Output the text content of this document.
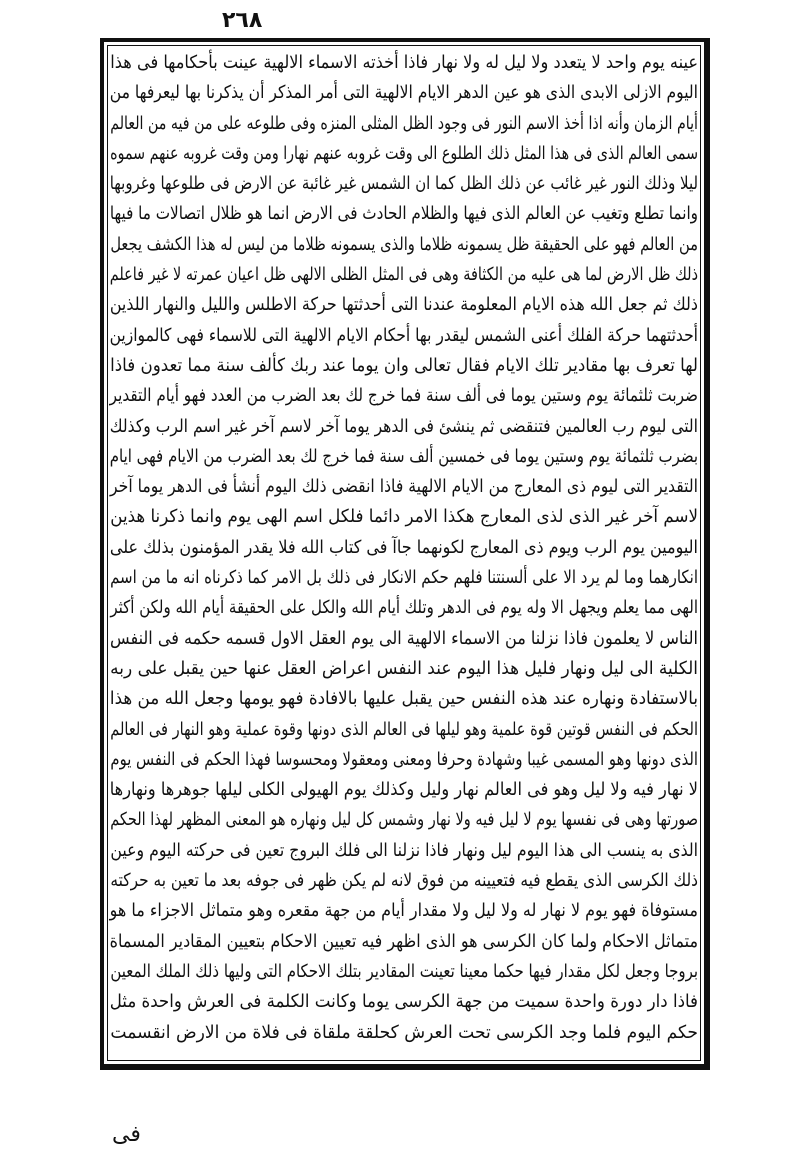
٢٦٨
عينه يوم واحد لا يتعدد ولا ليل له ولا نهار فاذا أخذته الاسماء الالهية عينت بأحكامها فى هذا
اليوم الازلى الابدى الذى هو عين الدهر الايام الالهية التى أمر المذكر أن يذكرنا بها ليعرفها من
أيام الزمان وأنه اذا أخذ الاسم النور فى وجود الظل المثلى المنزه وفى طلوعه على من فيه من العالم
سمى العالم الذى فى هذا المثل ذلك الطلوع الى وقت غروبه عنهم نهارا ومن وقت غروبه عنهم سموه
ليلا وذلك النور غير غائب عن ذلك الظل كما ان الشمس غير غائبة عن الارض فى طلوعها وغروبها
وانما تطلع وتغيب عن العالم الذى فيها والظلام الحادث فى الارض انما هو ظلال اتصالات ما فيها
من العالم فهو على الحقيقة ظل يسمونه ظلاما والذى يسمونه ظلاما من ليس له هذا الكشف يجعل
ذلك ظل الارض لما هى عليه من الكثافة وهى فى المثل الظلى الالهى ظل اعيان عمرته لا غير فاعلم
ذلك ثم جعل الله هذه الايام المعلومة عندنا التى أحدثتها حركة الاطلس والليل والنهار اللذين
أحدثتهما حركة الفلك أعنى الشمس ليقدر بها أحكام الايام الالهية التى للاسماء فهى كالموازين
لها تعرف بها مقادير تلك الايام فقال تعالى وان يوما عند ربك كألف سنة مما تعدون فاذا
ضربت ثلثمائة يوم وستين يوما فى ألف سنة فما خرج لك بعد الضرب من العدد فهو أيام التقدير
التى ليوم رب العالمين فتنقضى ثم ينشئ فى الدهر يوما آخر لاسم آخر غير اسم الرب وكذلك
بضرب ثلثمائة يوم وستين يوما فى خمسين ألف سنة فما خرج لك بعد الضرب من الايام فهى ايام
التقدير التى ليوم ذى المعارج من الايام الالهية فاذا انقضى ذلك اليوم أنشأ فى الدهر يوما آخر
لاسم آخر غير الذى لذى المعارج هكذا الامر دائما فلكل اسم الهى يوم وانما ذكرنا هذين
اليومين يوم الرب ويوم ذى المعارج لكونهما جاآ فى كتاب الله فلا يقدر المؤمنون بذلك على
انكارهما وما لم يرد الا على ألسنتنا فلهم حكم الانكار فى ذلك بل الامر كما ذكرناه انه ما من اسم
الهى مما يعلم ويجهل الا وله يوم فى الدهر وتلك أيام الله والكل على الحقيقة أيام الله ولكن أكثر
الناس لا يعلمون فاذا نزلنا من الاسماء الالهية الى يوم العقل الاول قسمه حكمه فى النفس
الكلية الى ليل ونهار فليل هذا اليوم عند النفس اعراض العقل عنها حين يقبل على ربه
بالاستفادة ونهاره عند هذه النفس حين يقبل عليها بالافادة فهو يومها وجعل الله من هذا
الحكم فى النفس قوتين قوة علمية وهو ليلها فى العالم الذى دونها وقوة عملية وهو النهار فى العالم
الذى دونها وهو المسمى غيبا وشهادة وحرفا ومعنى ومعقولا ومحسوسا فهذا الحكم فى النفس يوم
لا نهار فيه ولا ليل وهو فى العالم نهار وليل وكذلك يوم الهيولى الكلى ليلها جوهرها ونهارها
صورتها وهى فى نفسها يوم لا ليل فيه ولا نهار وشمس كل ليل ونهاره هو المعنى المظهر لهذا الحكم
الذى به ينسب الى هذا اليوم ليل ونهار فاذا نزلنا الى فلك البروج تعين فى حركته اليوم وعين
ذلك الكرسى الذى يقطع فيه فتعيينه من فوق لانه لم يكن ظهر فى جوفه بعد ما تعين به حركته
مستوفاة فهو يوم لا نهار له ولا ليل ولا مقدار أيام من جهة مقعره وهو متماثل الاجزاء ما هو
متماثل الاحكام ولما كان الكرسى هو الذى اظهر فيه تعيين الاحكام بتعيين المقادير المسماة
بروجا وجعل لكل مقدار فيها حكما معينا تعينت المقادير بتلك الاحكام التى وليها ذلك الملك المعين
فاذا دار دورة واحدة سميت من جهة الكرسى يوما وكانت الكلمة فى العرش واحدة مثل
حكم اليوم فلما وجد الكرسى تحت العرش كحلقة ملقاة فى فلاة من الارض انقسمت
فى
